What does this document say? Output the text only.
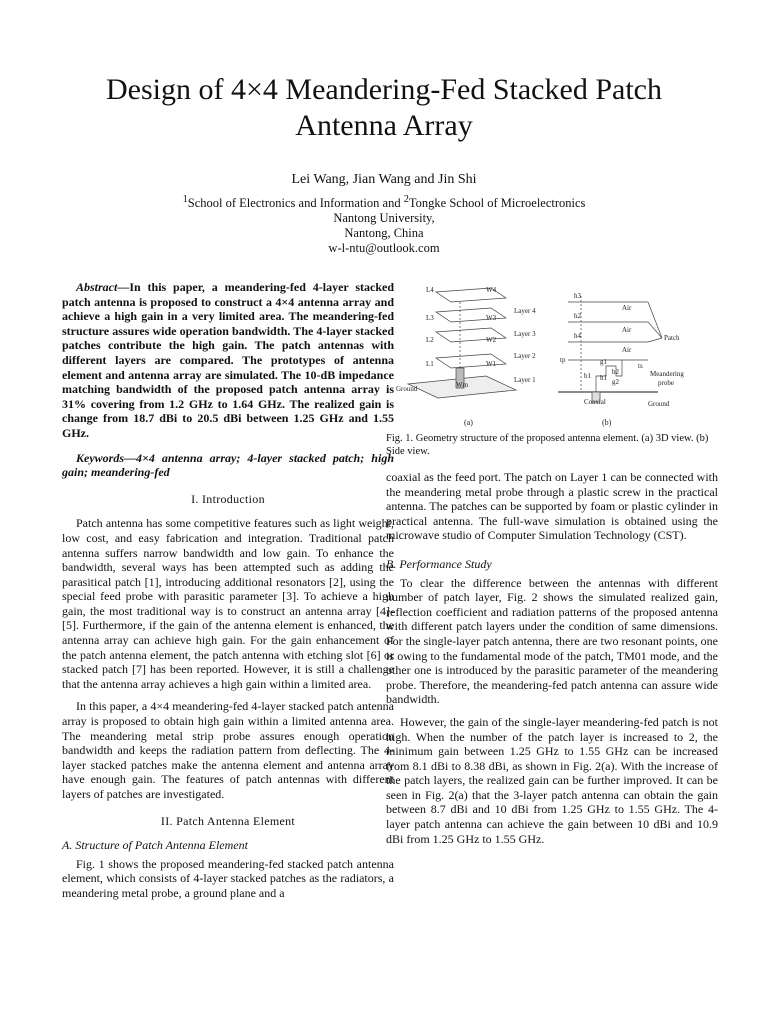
Design of 4×4 Meandering-Fed Stacked Patch
Antenna Array
Lei Wang, Jian Wang and Jin Shi
$^1$School of Electronics and Information and $^2$Tongke School of Microelectronics
Nantong University,
Nantong, China
w-l-ntu@outlook.com

Abstract—In this paper, a meandering-fed 4-layer stacked patch antenna is proposed to construct a 4×4 antenna array and achieve a high gain in a very limited area. The meandering-fed structure assures wide operation bandwidth. The 4-layer stacked patches contribute the high gain. The patch antennas with different layers are compared. The prototypes of antenna element and antenna array are simulated. The 10-dB impedance matching bandwidth of the proposed patch antenna array is 31% covering from 1.2 GHz to 1.64 GHz. The realized gain is change from 18.7 dBi to 20.5 dBi between 1.25 GHz and 1.55 GHz.

Keywords—4×4 antenna array; 4-layer stacked patch; high gain; meandering-fed

I. Introduction

Patch antenna has some competitive features such as light weight, low cost, and easy fabrication and integration. Traditional patch antenna suffers narrow bandwidth and low gain. To enhance the bandwidth, several ways has been attempted such as adding the parasitical patch [1], introducing additional resonators [2], using the special feed probe with parasitic parameter [3]. To achieve a high gain, the most traditional way is to construct an antenna array [4]-[5]. Furthermore, if the gain of the antenna element is enhanced, the antenna array can achieve high gain. For the gain enhancement of the patch antenna element, the patch antenna with etching slot [6] or stacked patch [7] has been reported. However, it is still a challenge that the antenna array achieves a high gain within a limited area.

In this paper, a 4×4 meandering-fed 4-layer stacked patch antenna array is proposed to obtain high gain within a limited antenna area. The meandering metal strip probe assures enough operation bandwidth and keeps the radiation pattern from deflecting. The 4-layer stacked patches make the antenna element and antenna array have enough gain. The features of patch antennas with different layers of patches are investigated.

II. Patch Antenna Element
A. Structure of Patch Antenna Element

Fig. 1 shows the proposed meandering-fed stacked patch antenna element, which consists of 4-layer stacked patches as the radiators, a meandering metal probe, a ground plane and a

L4	W4
L3	W3
L2	W2
L1	W1
Layer 4
Layer 3
Layer 2
Layer 1
Ground	Wm
(a)
h3
h2
h4
tp
ts
g1
b2
b1 h1 g2
Air
Air
Air
Patch
Meandering
probe
Coaxial	Ground
(b)
Fig. 1. Geometry structure of the proposed antenna element. (a) 3D view. (b) Side view.

coaxial as the feed port. The patch on Layer 1 can be connected with the meandering metal probe through a plastic screw in the practical antenna. The patches can be supported by foam or plastic cylinder in practical antenna. The full-wave simulation is obtained using the microwave studio of Computer Simulation Technology (CST).

B. Performance Study

To clear the difference between the antennas with different number of patch layer, Fig. 2 shows the simulated realized gain, reflection coefficient and radiation patterns of the proposed antenna with different patch layers under the condition of same dimensions. For the single-layer patch antenna, there are two resonant points, one is owing to the fundamental mode of the patch, TM01 mode, and the other one is introduced by the parasitic parameter of the meandering probe. Therefore, the meandering-fed patch antenna can assure wide bandwidth.

However, the gain of the single-layer meandering-fed patch is not high. When the number of the patch layer is increased to 2, the minimum gain between 1.25 GHz to 1.55 GHz can be increased from 8.1 dBi to 8.38 dBi, as shown in Fig. 2(a). With the increase of the patch layers, the realized gain can be further improved. It can be seen in Fig. 2(a) that the 3-layer patch antenna can obtain the gain between 8.7 dBi and 10 dBi from 1.25 GHz to 1.55 GHz. The 4-layer patch antenna can achieve the gain between 10 dBi and 10.9 dBi from 1.25 GHz to 1.55 GHz.
